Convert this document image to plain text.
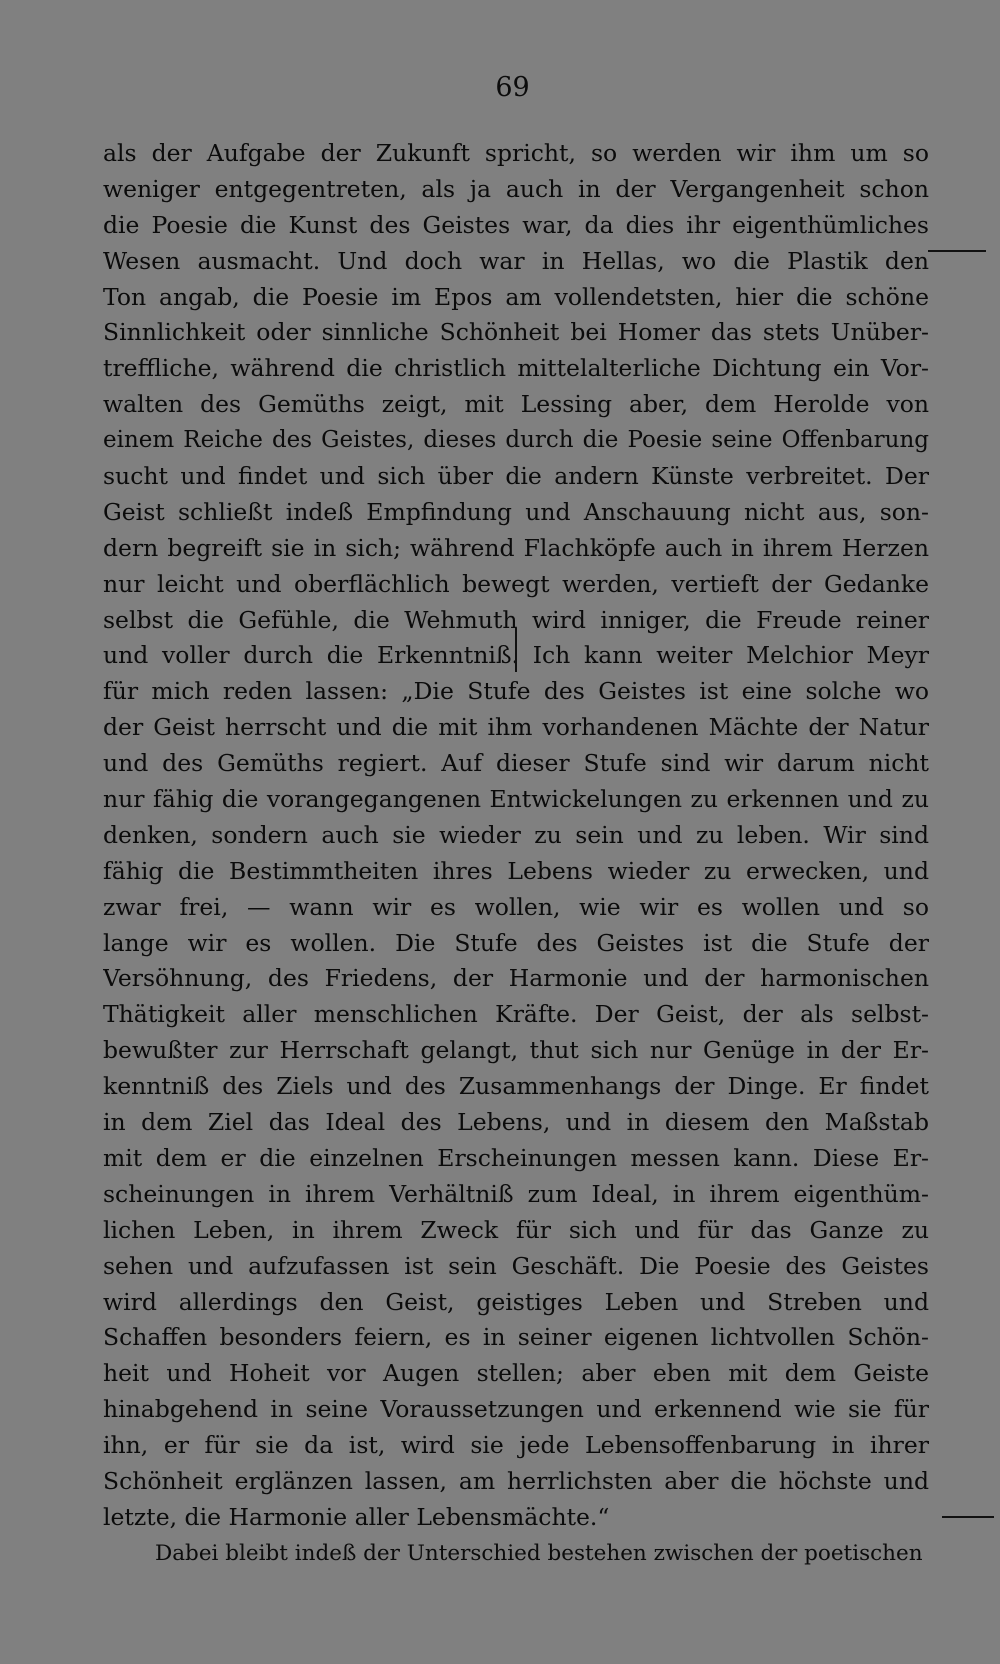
69
als der Aufgabe der Zukunft spricht, so werden wir ihm um so
weniger entgegentreten, als ja auch in der Vergangenheit schon
die Poesie die Kunst des Geistes war, da dies ihr eigenthümliches
Wesen ausmacht. Und doch war in Hellas, wo die Plastik den
Ton angab, die Poesie im Epos am vollendetsten, hier die schöne
Sinnlichkeit oder sinnliche Schönheit bei Homer das stets Unüber-
treffliche, während die christlich mittelalterliche Dichtung ein Vor-
walten des Gemüths zeigt, mit Lessing aber, dem Herolde von
einem Reiche des Geistes, dieses durch die Poesie seine Offenbarung
sucht und findet und sich über die andern Künste verbreitet. Der
Geist schließt indeß Empfindung und Anschauung nicht aus, son-
dern begreift sie in sich; während Flachköpfe auch in ihrem Herzen
nur leicht und oberflächlich bewegt werden, vertieft der Gedanke
selbst die Gefühle, die Wehmuth wird inniger, die Freude reiner
und voller durch die Erkenntniß. Ich kann weiter Melchior Meyr
für mich reden lassen: „Die Stufe des Geistes ist eine solche wo
der Geist herrscht und die mit ihm vorhandenen Mächte der Natur
und des Gemüths regiert. Auf dieser Stufe sind wir darum nicht
nur fähig die vorangegangenen Entwickelungen zu erkennen und zu
denken, sondern auch sie wieder zu sein und zu leben. Wir sind
fähig die Bestimmtheiten ihres Lebens wieder zu erwecken, und
zwar frei, — wann wir es wollen, wie wir es wollen und so
lange wir es wollen. Die Stufe des Geistes ist die Stufe der
Versöhnung, des Friedens, der Harmonie und der harmonischen
Thätigkeit aller menschlichen Kräfte. Der Geist, der als selbst-
bewußter zur Herrschaft gelangt, thut sich nur Genüge in der Er-
kenntniß des Ziels und des Zusammenhangs der Dinge. Er findet
in dem Ziel das Ideal des Lebens, und in diesem den Maßstab
mit dem er die einzelnen Erscheinungen messen kann. Diese Er-
scheinungen in ihrem Verhältniß zum Ideal, in ihrem eigenthüm-
lichen Leben, in ihrem Zweck für sich und für das Ganze zu
sehen und aufzufassen ist sein Geschäft. Die Poesie des Geistes
wird allerdings den Geist, geistiges Leben und Streben und
Schaffen besonders feiern, es in seiner eigenen lichtvollen Schön-
heit und Hoheit vor Augen stellen; aber eben mit dem Geiste
hinabgehend in seine Voraussetzungen und erkennend wie sie für
ihn, er für sie da ist, wird sie jede Lebensoffenbarung in ihrer
Schönheit erglänzen lassen, am herrlichsten aber die höchste und
letzte, die Harmonie aller Lebensmächte.“
Dabei bleibt indeß der Unterschied bestehen zwischen der poetischen
